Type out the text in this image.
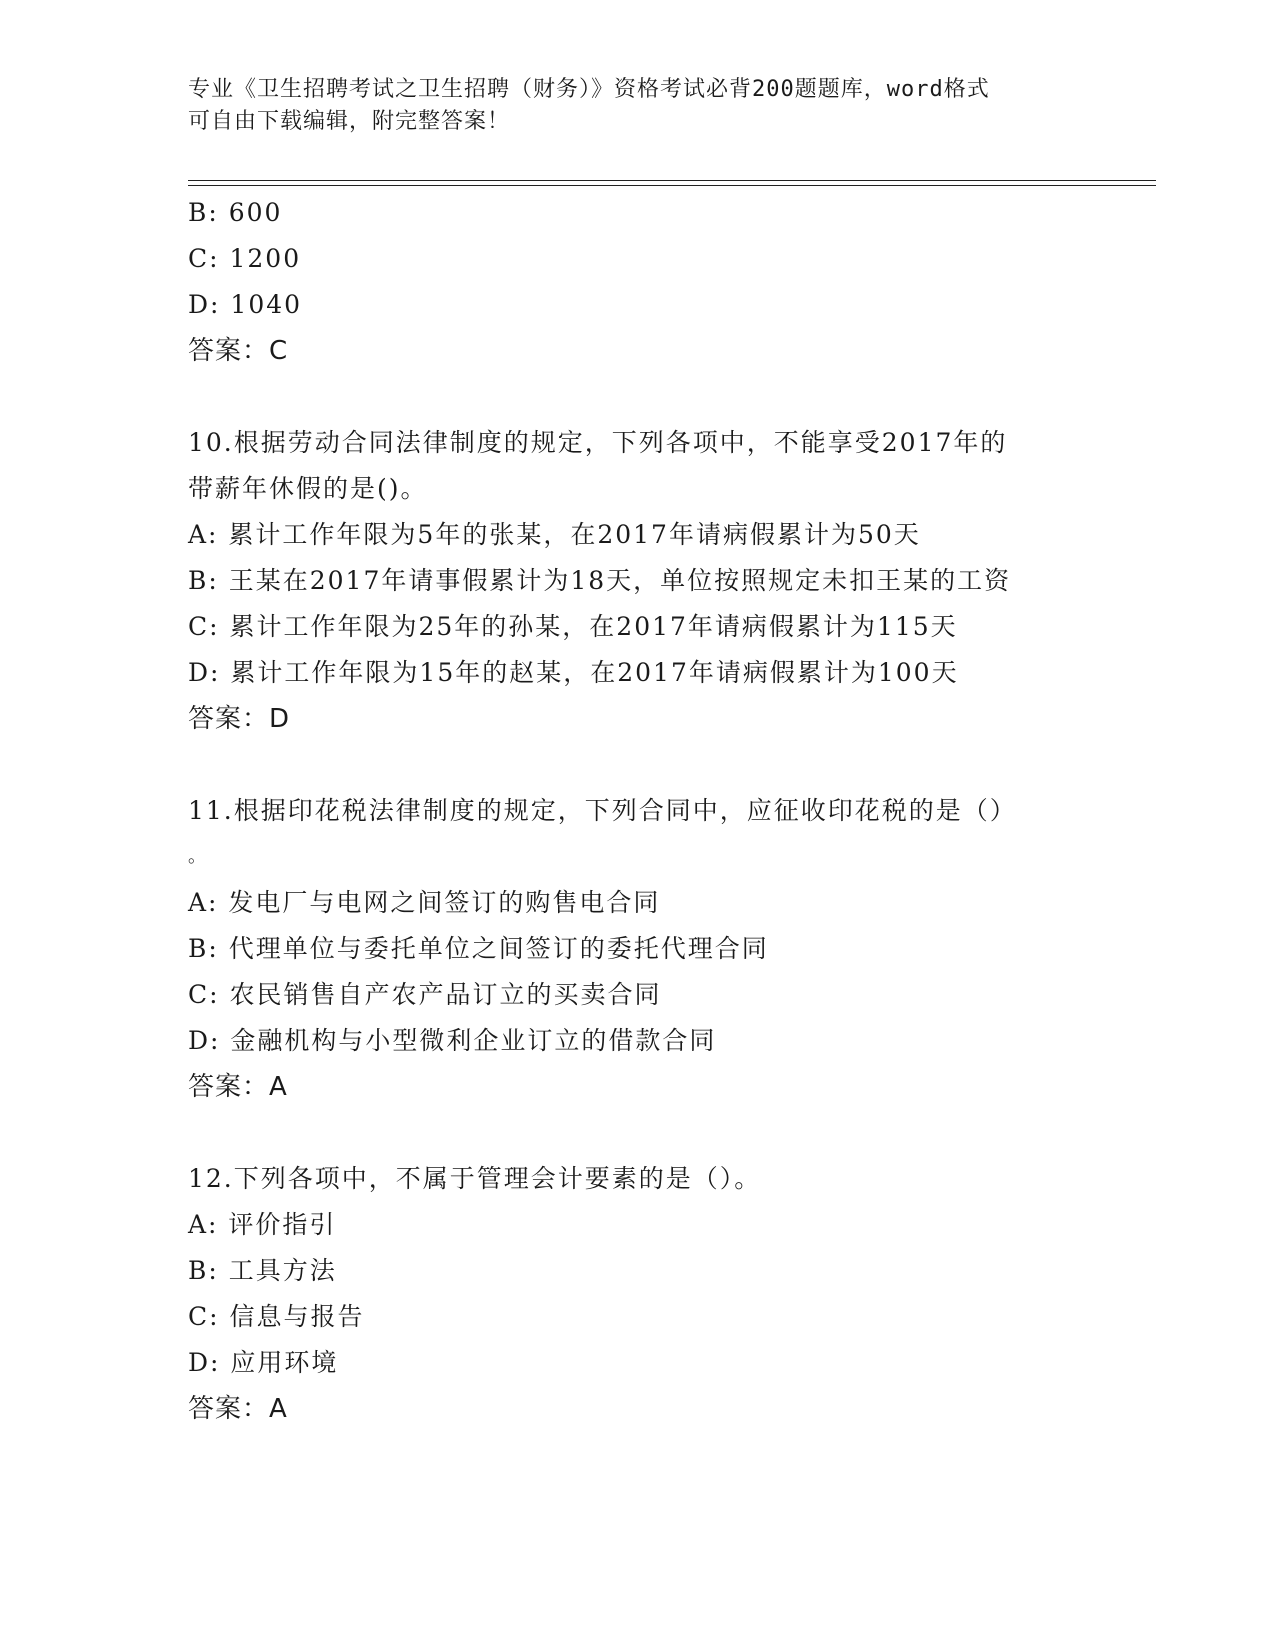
专业《卫生招聘考试之卫生招聘（财务）》资格考试必背200题题库，word格式
可自由下载编辑，附完整答案！
B: 600
C: 1200
D: 1040
答案：C
10.根据劳动合同法律制度的规定，下列各项中，不能享受2017年的
带薪年休假的是()。
A: 累计工作年限为5年的张某，在2017年请病假累计为50天
B: 王某在2017年请事假累计为18天，单位按照规定未扣王某的工资
C: 累计工作年限为25年的孙某，在2017年请病假累计为115天
D: 累计工作年限为15年的赵某，在2017年请病假累计为100天
答案：D
11.根据印花税法律制度的规定，下列合同中，应征收印花税的是（）
。
A: 发电厂与电网之间签订的购售电合同
B: 代理单位与委托单位之间签订的委托代理合同
C: 农民销售自产农产品订立的买卖合同
D: 金融机构与小型微利企业订立的借款合同
答案：A
12.下列各项中，不属于管理会计要素的是（）。
A: 评价指引
B: 工具方法
C: 信息与报告
D: 应用环境
答案：A
